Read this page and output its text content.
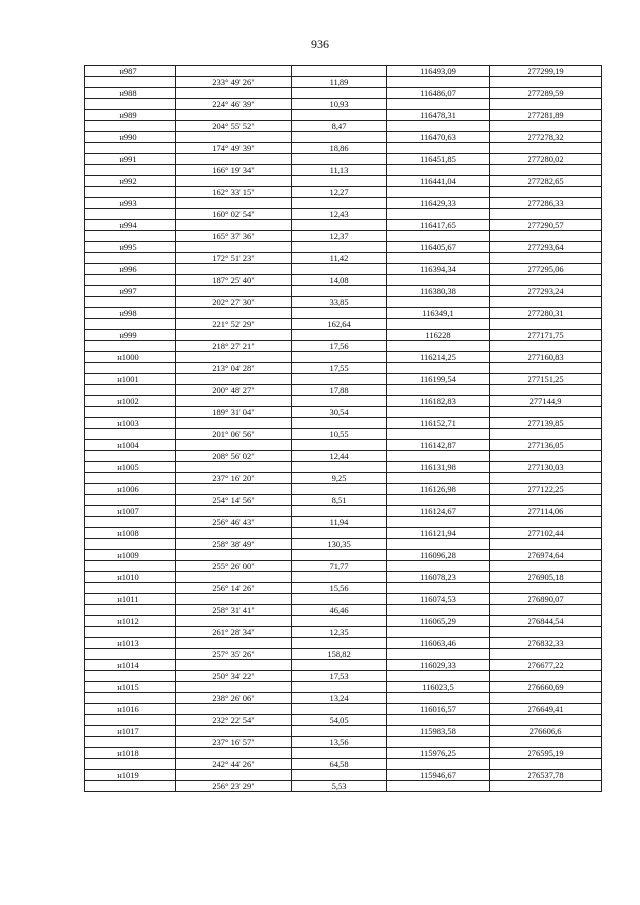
936
н987			116493,09	277299,19
	233° 49' 26"	11,89		
н988			116486,07	277289,59
	224° 46' 39"	10,93		
н989			116478,31	277281,89
	204° 55' 52"	8,47		
н990			116470,63	277278,32
	174° 49' 39"	18,86		
н991			116451,85	277280,02
	166° 19' 34"	11,13		
н992			116441,04	277282,65
	162° 33' 15"	12,27		
н993			116429,33	277286,33
	160° 02' 54"	12,43		
н994			116417,65	277290,57
	165° 37' 36"	12,37		
н995			116405,67	277293,64
	172° 51' 23"	11,42		
н996			116394,34	277295,06
	187° 25' 40"	14,08		
н997			116380,38	277293,24
	202° 27' 30"	33,85		
н998			116349,1	277280,31
	221° 52' 29"	162,64		
н999			116228	277171,75
	218° 27' 21"	17,56		
н1000			116214,25	277160,83
	213° 04' 28"	17,55		
н1001			116199,54	277151,25
	200° 48' 27"	17,88		
н1002			116182,83	277144,9
	189° 31' 04"	30,54		
н1003			116152,71	277139,85
	201° 06' 56"	10,55		
н1004			116142,87	277136,05
	208° 56' 02"	12,44		
н1005			116131,98	277130,03
	237° 16' 20"	9,25		
н1006			116126,98	277122,25
	254° 14' 56"	8,51		
н1007			116124,67	277114,06
	256° 46' 43"	11,94		
н1008			116121,94	277102,44
	258° 38' 49"	130,35		
н1009			116096,28	276974,64
	255° 26' 00"	71,77		
н1010			116078,23	276905,18
	256° 14' 26"	15,56		
н1011			116074,53	276890,07
	258° 31' 41"	46,46		
н1012			116065,29	276844,54
	261° 28' 34"	12,35		
н1013			116063,46	276832,33
	257° 35' 26"	158,82		
н1014			116029,33	276677,22
	250° 34' 22"	17,53		
н1015			116023,5	276660,69
	238° 26' 06"	13,24		
н1016			116016,57	276649,41
	232° 22' 54"	54,05		
н1017			115983,58	276606,6
	237° 16' 57"	13,56		
н1018			115976,25	276595,19
	242° 44' 26"	64,58		
н1019			115946,67	276537,78
	256° 23' 29"	5,53		
